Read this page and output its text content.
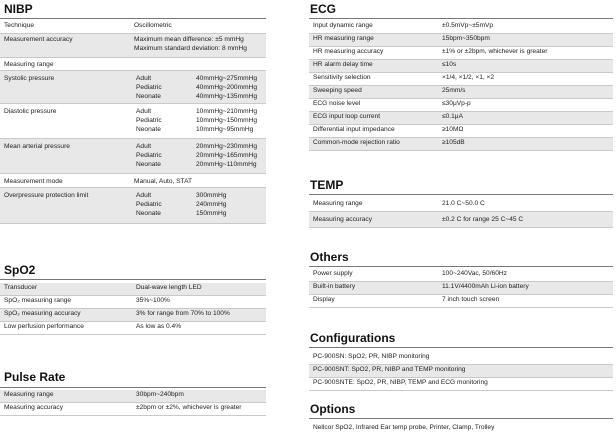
NIBP
Technique	Oscillometric
Measurement accuracy	Maximum mean difference: ±5 mmHg
Maximum standard deviation: 8 mmHg
Measuring range
Systolic pressure	Adult	40mmHg~275mmHg
Pediatric	40mmHg~200mmHg
Neonate	40mmHg~135mmHg
Diastolic pressure	Adult	10mmHg~210mmHg
Pediatric	10mmHg~150mmHg
Neonate	10mmHg~95mmHg
Mean arterial pressure	Adult	20mmHg~230mmHg
Pediatric	20mmHg~165mmHg
Neonate	20mmHg~110mmHg
Measurement mode	Manual, Auto, STAT
Overpressure protection limit	Adult	300mmHg
Pediatric	240mmHg
Neonate	150mmHg
SpO2
Transducer	Dual-wave length LED
SpO₂ measuring range	35%~100%
SpO₂ measuring accuracy	3% for range from 70% to 100%
Low perfusion performance	As low as 0.4%
Pulse Rate
Measuring range	30bpm~240bpm
Measuring accuracy	±2bpm or ±2%, whichever is greater
ECG
Input dynamic range	±0.5mVp~±5mVp
HR measuring range	15bpm~350bpm
HR measuring accuracy	±1% or ±2bpm, whichever is greater
HR alarm delay time	≤10s
Sensitivity selection	×1/4, ×1/2, ×1, ×2
Sweeping speed	25mm/s
ECG noise level	≤30μVp-p
ECG input loop current	≤0.1μA
Differential input impedance	≥10MΩ
Common-mode rejection ratio	≥105dB
TEMP
Measuring range	21.0 C~50.0 C
Measuring accuracy	±0.2 C for range 25 C~45 C
Others
Power supply	100~240Vac, 50/60Hz
Built-in battery	11.1V/4400mAh Li-ion battery
Display	7 inch touch screen
Configurations
PC-900SN: SpO2, PR, NIBP monitoring
PC-900SNT: SpO2, PR, NIBP and TEMP monitoring
PC-900SNTE: SpO2, PR, NIBP, TEMP and ECG monitoring
Options
Nellcor SpO2, Infrared Ear temp probe, Printer, Clamp, Trolley
